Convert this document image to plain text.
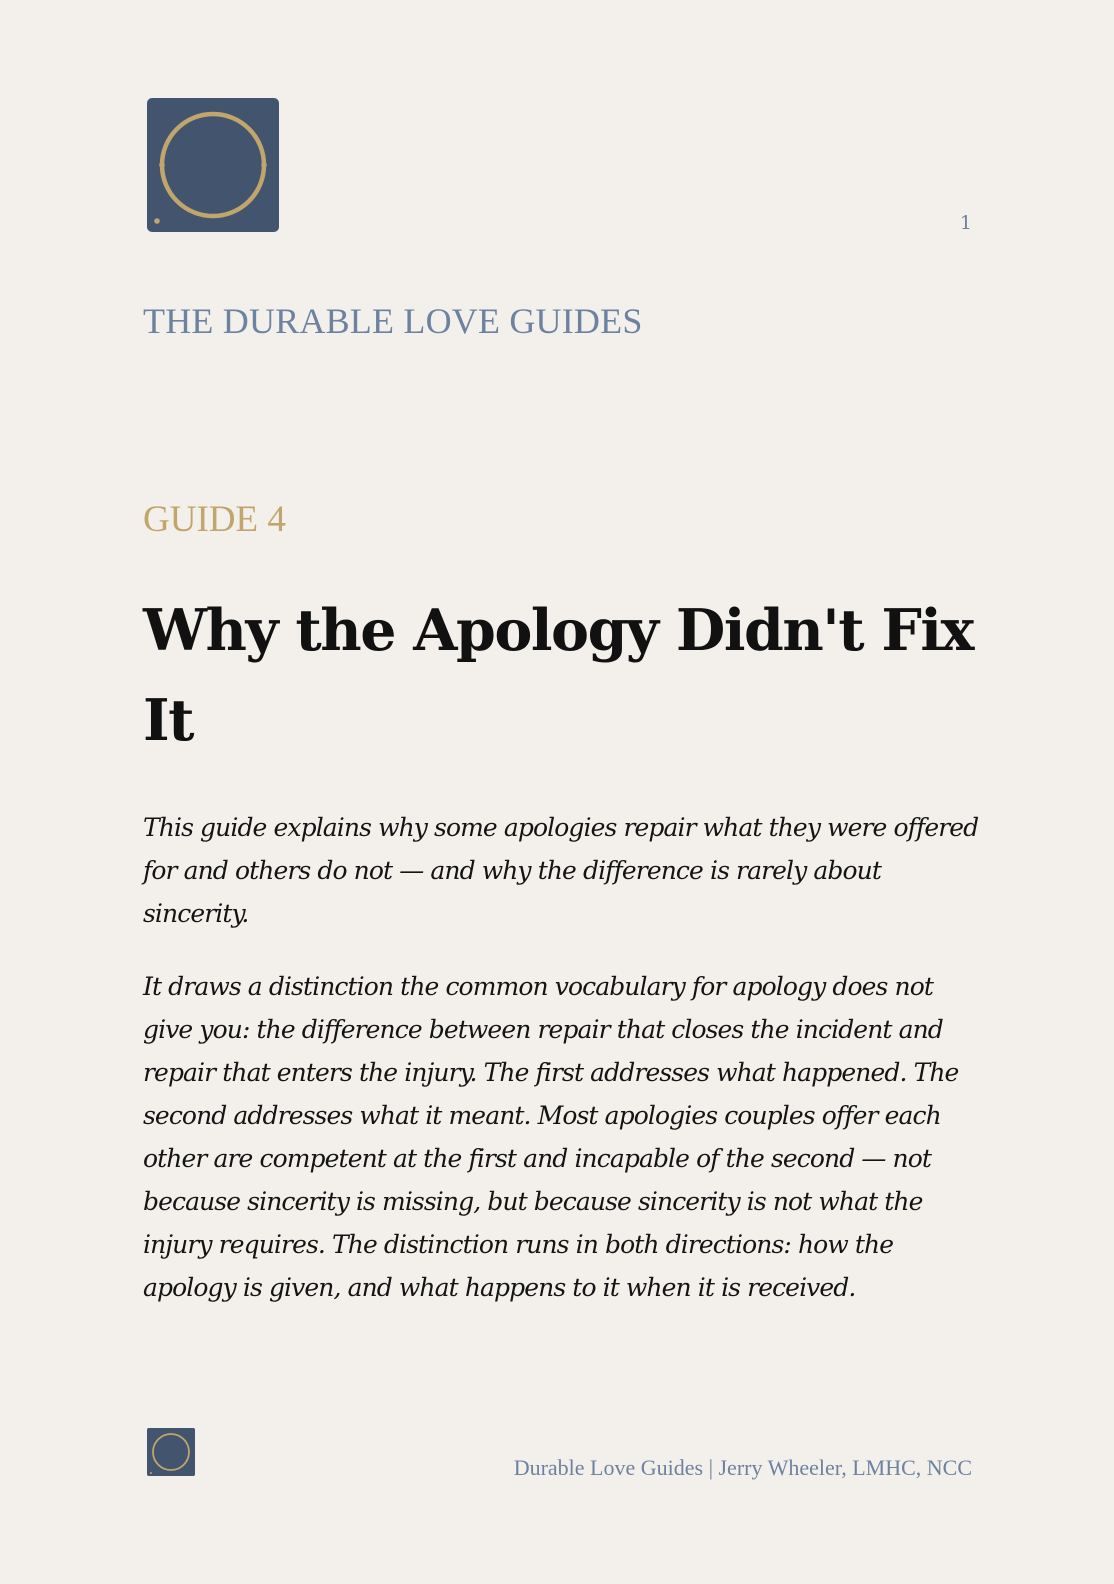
1
THE DURABLE LOVE GUIDES
GUIDE 4
Why the Apology Didn't Fix It

This guide explains why some apologies repair what they were offered for and others do not — and why the difference is rarely about sincerity.

It draws a distinction the common vocabulary for apology does not give you: the difference between repair that closes the incident and repair that enters the injury. The first addresses what happened. The second addresses what it meant. Most apologies couples offer each other are competent at the first and incapable of the second — not because sincerity is missing, but because sincerity is not what the injury requires. The distinction runs in both directions: how the apology is given, and what happens to it when it is received.

Durable Love Guides | Jerry Wheeler, LMHC, NCC
